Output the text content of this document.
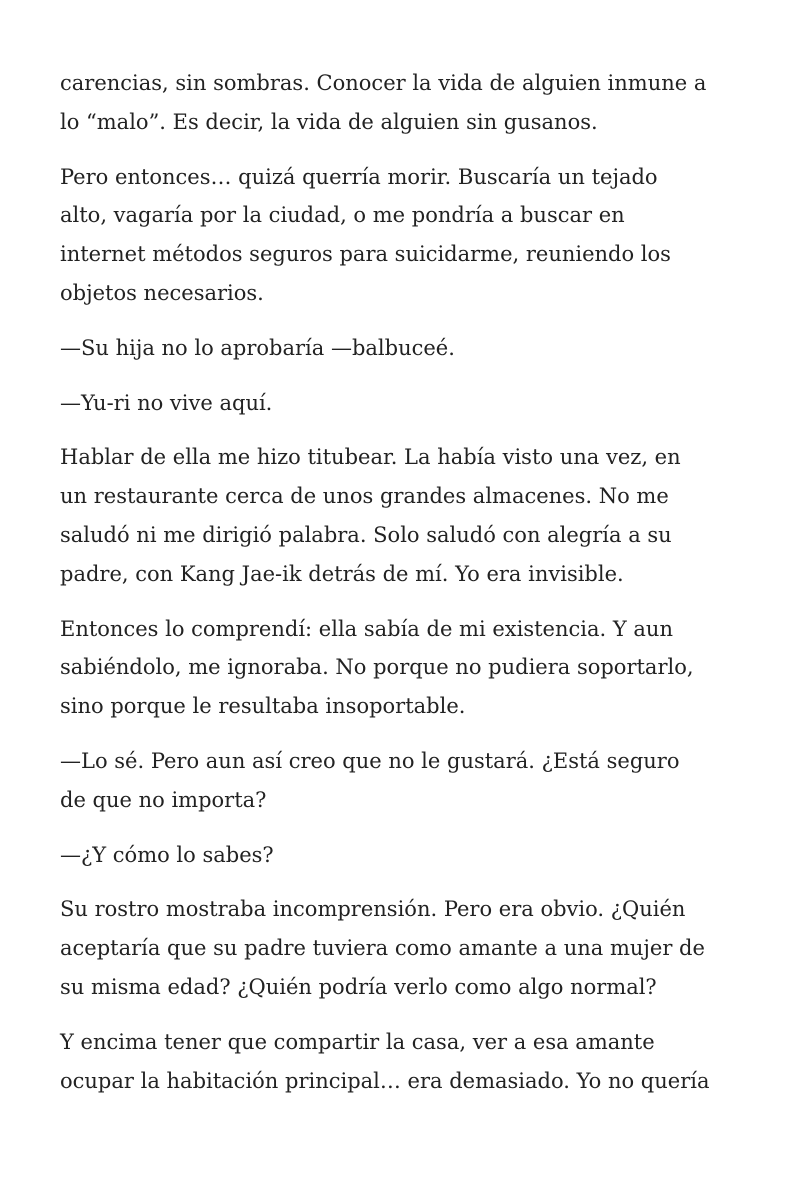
carencias, sin sombras. Conocer la vida de alguien inmune a
lo “malo”. Es decir, la vida de alguien sin gusanos.

Pero entonces… quizá querría morir. Buscaría un tejado
alto, vagaría por la ciudad, o me pondría a buscar en
internet métodos seguros para suicidarme, reuniendo los
objetos necesarios.

—Su hija no lo aprobaría —balbuceé.

—Yu-ri no vive aquí.

Hablar de ella me hizo titubear. La había visto una vez, en
un restaurante cerca de unos grandes almacenes. No me
saludó ni me dirigió palabra. Solo saludó con alegría a su
padre, con Kang Jae-ik detrás de mí. Yo era invisible.

Entonces lo comprendí: ella sabía de mi existencia. Y aun
sabiéndolo, me ignoraba. No porque no pudiera soportarlo,
sino porque le resultaba insoportable.

—Lo sé. Pero aun así creo que no le gustará. ¿Está seguro
de que no importa?

—¿Y cómo lo sabes?

Su rostro mostraba incomprensión. Pero era obvio. ¿Quién
aceptaría que su padre tuviera como amante a una mujer de
su misma edad? ¿Quién podría verlo como algo normal?

Y encima tener que compartir la casa, ver a esa amante
ocupar la habitación principal… era demasiado. Yo no quería
